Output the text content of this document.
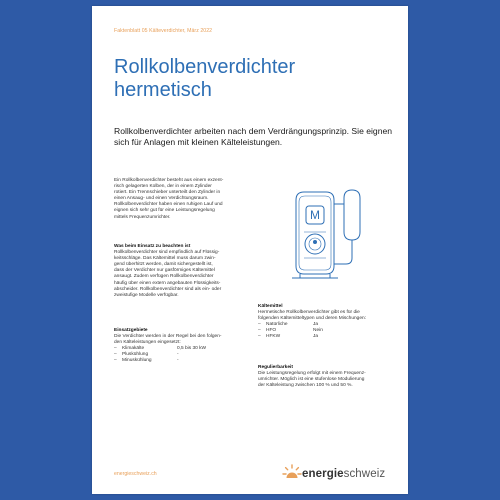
Faktenblatt 05 Kälteverdichter, März 2022
Rollkolbenverdichter
hermetisch
Rollkolbenverdichter arbeiten nach dem Verdrängungsprinzip. Sie eignen sich für Anlagen mit kleinen Kälteleistungen.

Ein Rollkolbenverdichter besteht aus einem exzent-

risch gelagerten Kolben, der in einem Zylinder

rotiert. Ein Trennschieber unterteilt den Zylinder in

einen Ansaug- und einen Verdichtungsraum.

Rollkolbenverdichter haben einen ruhigen Lauf und

eignen sich sehr gut für eine Leistungsregelung

mittels Frequenzumrichter.

Was beim Einsatz zu beachten ist

Rollkolbenverdichter sind empfindlich auf Flüssig-

keitsschläge. Das Kältemittel muss darum zwin-

gend überhitzt werden, damit sichergestellt ist,

dass der Verdichter nur gasförmiges Kältemittel

ansaugt. Zudem verfügen Rollkolbenverdichter

häufig über einen extern angebauten Flüssigkeits-

abscheider. Rollkolbenverdichter sind als ein- oder

zweistufige Modelle verfügbar.

Einsatzgebiete

Die Verdichter werden in der Regel bei den folgen-

den Kälteleistungen eingesetzt:

–	Klimakälte	0,5 bis 30 kW
–	Pluskühlung	-
–	Minuskühlung	-

Kältemittel

Hermetische Rollkolbenverdichter gibt es für die

folgenden Kältemitteltypen und deren Mischungen:

–	Natürliche	Ja
–	HFO	Nein
–	HFKW	Ja

Regulierbarkeit

Die Leistungsregelung erfolgt mit einem Frequenz-

umrichter. Möglich ist eine stufenlose Modulierung

der Kälteleistung zwischen 100 % und 50 %.

M
energieschweiz.ch	energieschweiz
